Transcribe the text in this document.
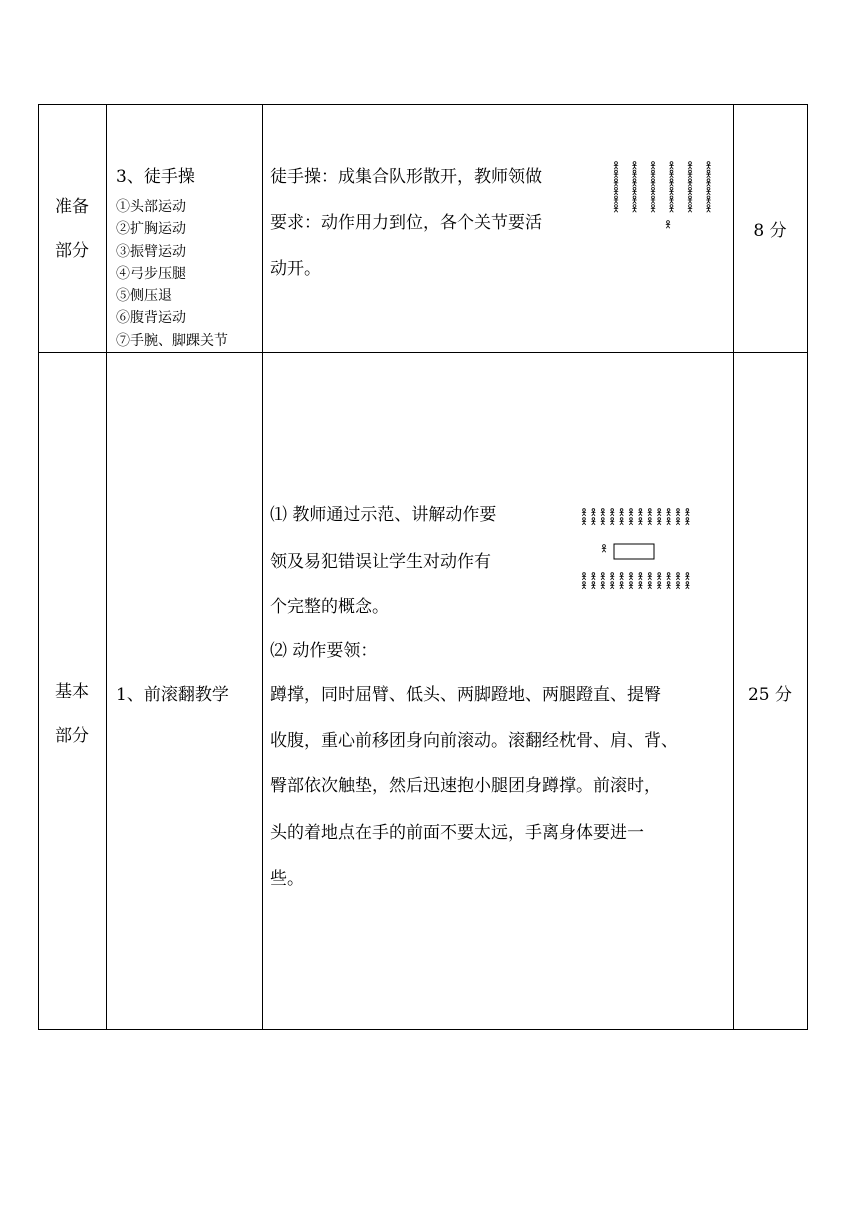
准备
部分
3、徒手操
①头部运动
②扩胸运动
③振臂运动
④弓步压腿
⑤侧压退
⑥腹背运动
⑦手腕、脚踝关节
徒手操：成集合队形散开，教师领做
要求：动作用力到位，各个关节要活
动开。
8 分
基本
部分
1、前滚翻教学
⑴ 教师通过示范、讲解动作要
领及易犯错误让学生对动作有
个完整的概念。
⑵ 动作要领：
蹲撑，同时屈臂、低头、两脚蹬地、两腿蹬直、提臀
收腹，重心前移团身向前滚动。滚翻经枕骨、肩、背、
臀部依次触垫，然后迅速抱小腿团身蹲撑。前滚时，
头的着地点在手的前面不要太远，手离身体要进一
些。
25 分
